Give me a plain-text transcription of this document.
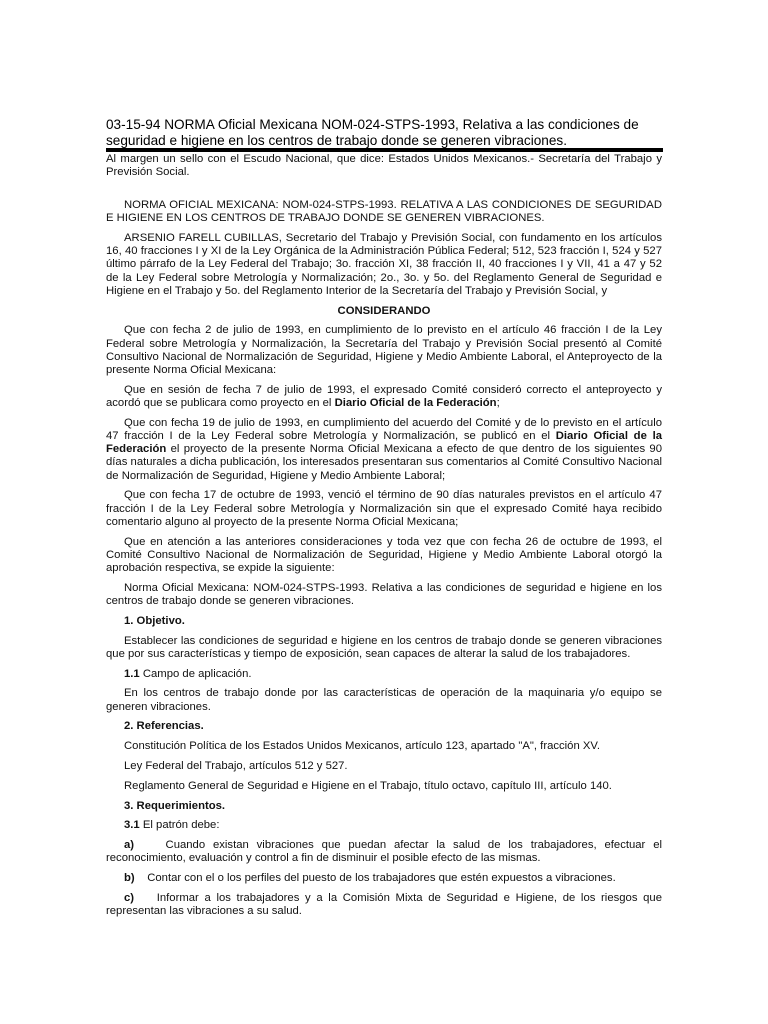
03-15-94 NORMA Oficial Mexicana NOM-024-STPS-1993, Relativa a las condiciones de seguridad e higiene en los centros de trabajo donde se generen vibraciones.

Al margen un sello con el Escudo Nacional, que dice: Estados Unidos Mexicanos.- Secretaría del Trabajo y Previsión Social.

NORMA OFICIAL MEXICANA: NOM-024-STPS-1993. RELATIVA A LAS CONDICIONES DE SEGURIDAD E HIGIENE EN LOS CENTROS DE TRABAJO DONDE SE GENEREN VIBRACIONES.

ARSENIO FARELL CUBILLAS, Secretario del Trabajo y Previsión Social, con fundamento en los artículos 16, 40 fracciones I y XI de la Ley Orgánica de la Administración Pública Federal; 512, 523 fracción I, 524 y 527 último párrafo de la Ley Federal del Trabajo; 3o. fracción XI, 38 fracción II, 40 fracciones I y VII, 41 a 47 y 52 de la Ley Federal sobre Metrología y Normalización; 2o., 3o. y 5o. del Reglamento General de Seguridad e Higiene en el Trabajo y 5o. del Reglamento Interior de la Secretaría del Trabajo y Previsión Social, y

CONSIDERANDO

Que con fecha 2 de julio de 1993, en cumplimiento de lo previsto en el artículo 46 fracción I de la Ley Federal sobre Metrología y Normalización, la Secretaría del Trabajo y Previsión Social presentó al Comité Consultivo Nacional de Normalización de Seguridad, Higiene y Medio Ambiente Laboral, el Anteproyecto de la presente Norma Oficial Mexicana:

Que en sesión de fecha 7 de julio de 1993, el expresado Comité consideró correcto el anteproyecto y acordó que se publicara como proyecto en el Diario Oficial de la Federación;

Que con fecha 19 de julio de 1993, en cumplimiento del acuerdo del Comité y de lo previsto en el artículo 47 fracción I de la Ley Federal sobre Metrología y Normalización, se publicó en el Diario Oficial de la Federación el proyecto de la presente Norma Oficial Mexicana a efecto de que dentro de los siguientes 90 días naturales a dicha publicación, los interesados presentaran sus comentarios al Comité Consultivo Nacional de Normalización de Seguridad, Higiene y Medio Ambiente Laboral;

Que con fecha 17 de octubre de 1993, venció el término de 90 días naturales previstos en el artículo 47 fracción I de la Ley Federal sobre Metrología y Normalización sin que el expresado Comité haya recibido comentario alguno al proyecto de la presente Norma Oficial Mexicana;

Que en atención a las anteriores consideraciones y toda vez que con fecha 26 de octubre de 1993, el Comité Consultivo Nacional de Normalización de Seguridad, Higiene y Medio Ambiente Laboral otorgó la aprobación respectiva, se expide la siguiente:

Norma Oficial Mexicana: NOM-024-STPS-1993. Relativa a las condiciones de seguridad e higiene en los centros de trabajo donde se generen vibraciones.

1. Objetivo.

Establecer las condiciones de seguridad e higiene en los centros de trabajo donde se generen vibraciones que por sus características y tiempo de exposición, sean capaces de alterar la salud de los trabajadores.

1.1 Campo de aplicación.

En los centros de trabajo donde por las características de operación de la maquinaria y/o equipo se generen vibraciones.

2. Referencias.

Constitución Política de los Estados Unidos Mexicanos, artículo 123, apartado "A", fracción XV.

Ley Federal del Trabajo, artículos 512 y 527.

Reglamento General de Seguridad e Higiene en el Trabajo, título octavo, capítulo III, artículo 140.

3. Requerimientos.

3.1 El patrón debe:

a)	Cuando existan vibraciones que puedan afectar la salud de los trabajadores, efectuar el reconocimiento, evaluación y control a fin de disminuir el posible efecto de las mismas.

b) Contar con el o los perfiles del puesto de los trabajadores que estén expuestos a vibraciones.

c) Informar a los trabajadores y a la Comisión Mixta de Seguridad e Higiene, de los riesgos que representan las vibraciones a su salud.
